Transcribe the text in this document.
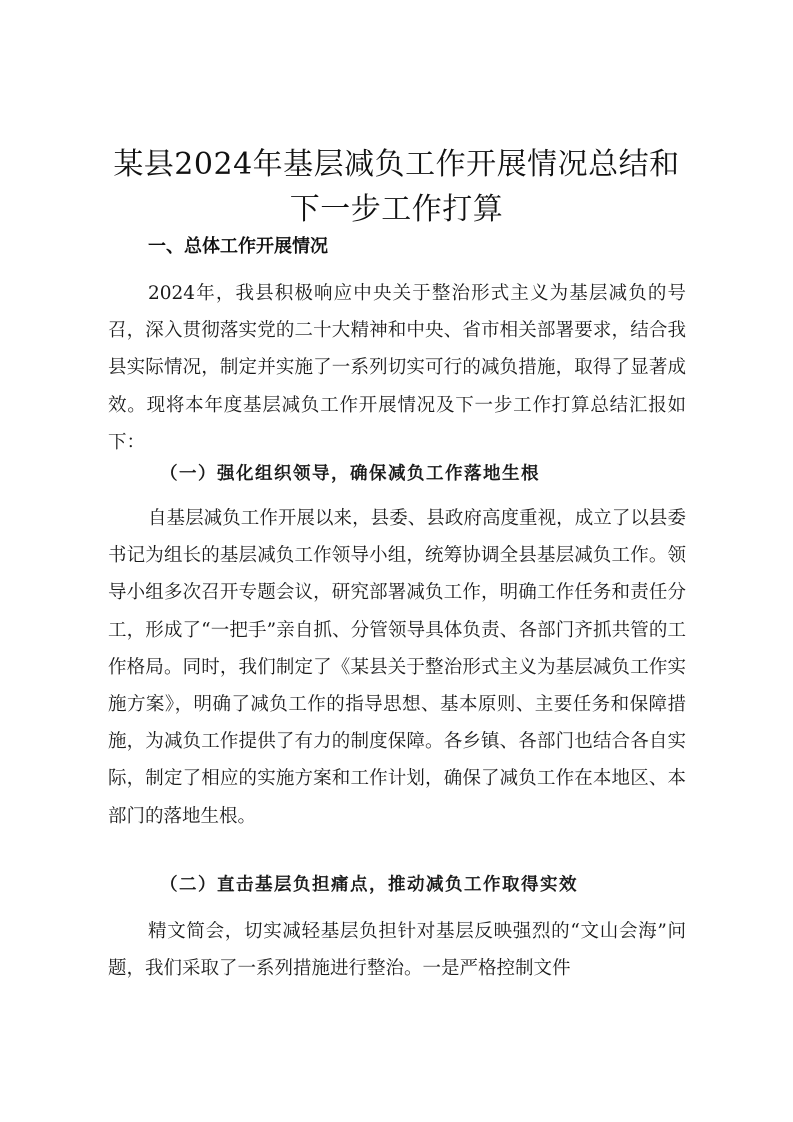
某县2024年基层减负工作开展情况总结和下一步工作打算
一、总体工作开展情况

2024年，我县积极响应中央关于整治形式主义为基层减负的号召，深入贯彻落实党的二十大精神和中央、省市相关部署要求，结合我县实际情况，制定并实施了一系列切实可行的减负措施，取得了显著成效。现将本年度基层减负工作开展情况及下一步工作打算总结汇报如下：

（一）强化组织领导，确保减负工作落地生根

自基层减负工作开展以来，县委、县政府高度重视，成立了以县委书记为组长的基层减负工作领导小组，统筹协调全县基层减负工作。领导小组多次召开专题会议，研究部署减负工作，明确工作任务和责任分工，形成了“一把手”亲自抓、分管领导具体负责、各部门齐抓共管的工作格局。同时，我们制定了《某县关于整治形式主义为基层减负工作实施方案》，明确了减负工作的指导思想、基本原则、主要任务和保障措施，为减负工作提供了有力的制度保障。各乡镇、各部门也结合各自实际，制定了相应的实施方案和工作计划，确保了减负工作在本地区、本部门的落地生根。

（二）直击基层负担痛点，推动减负工作取得实效

精文简会，切实减轻基层负担针对基层反映强烈的“文山会海”问题，我们采取了一系列措施进行整治。一是严格控制文件
